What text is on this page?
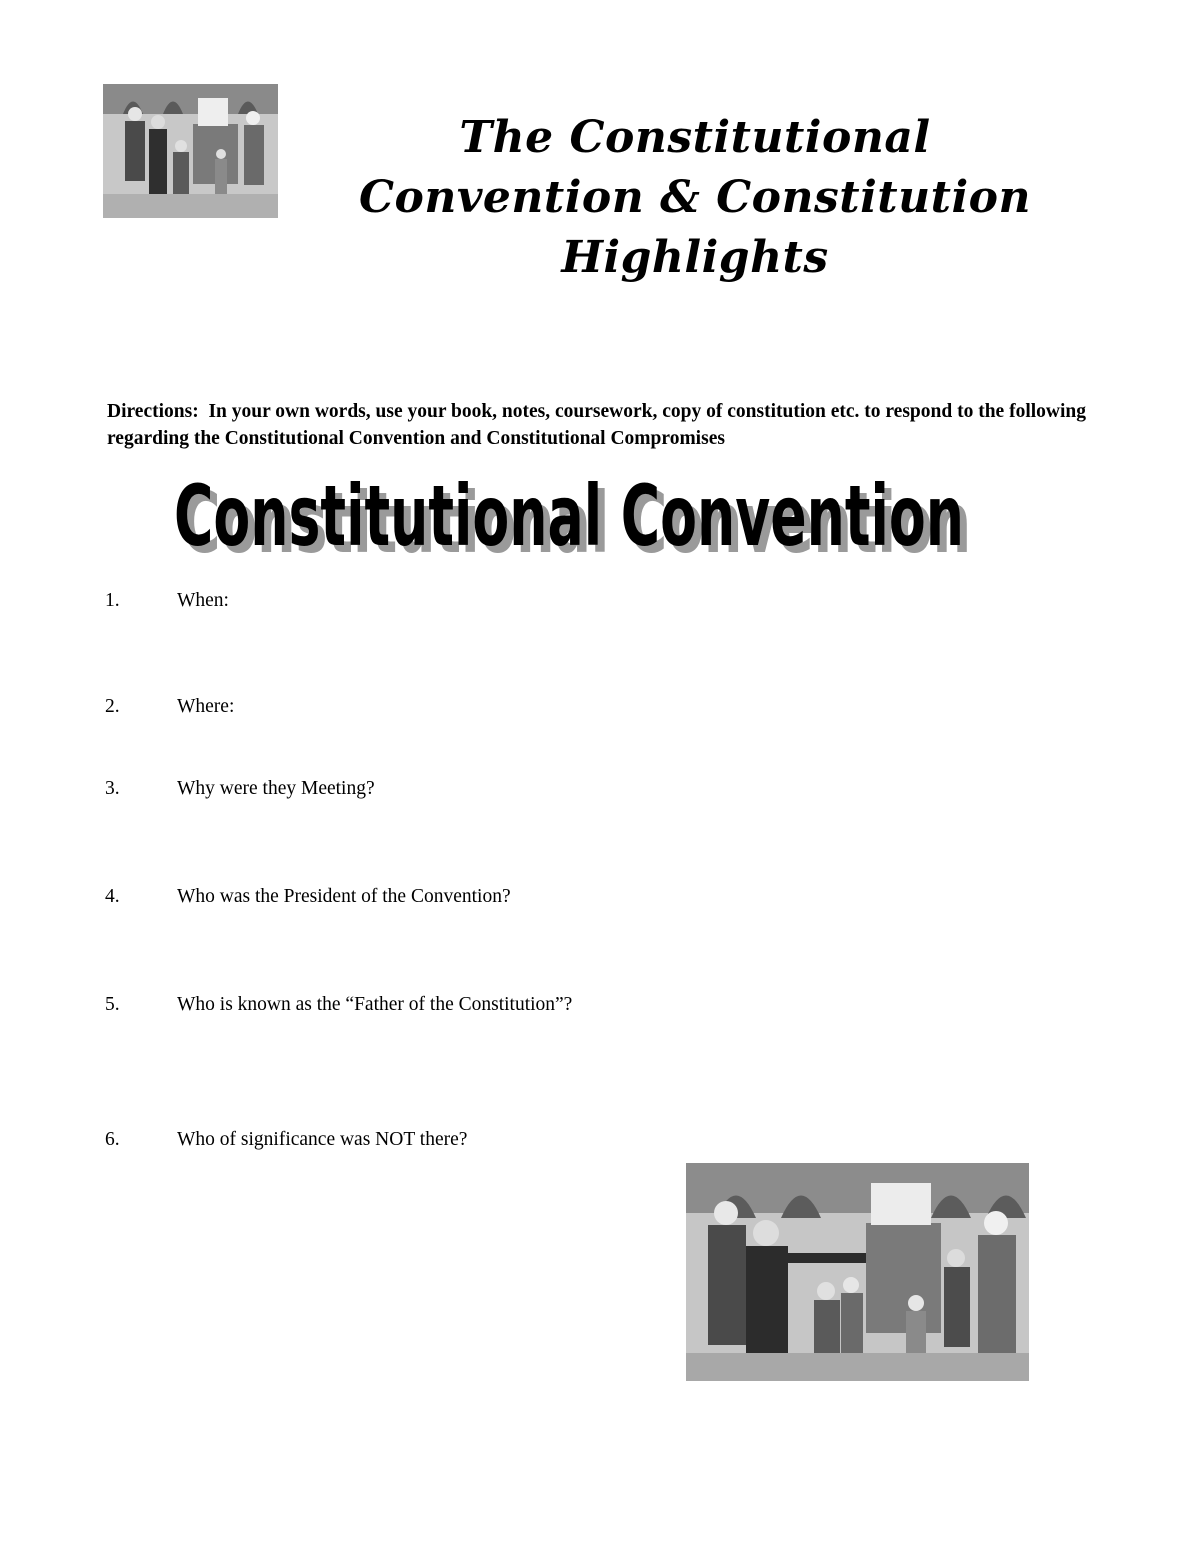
The Constitutional
Convention & Constitution
Highlights
Directions: In your own words, use your book, notes, coursework, copy of constitution etc. to respond to the following regarding the Constitutional Convention and Constitutional Compromises
Constitutional Convention
Constitutional Convention
1.	When:
2.	Where:
3.	Why were they Meeting?
4.	Who was the President of the Convention?
5.	Who is known as the “Father of the Constitution”?
6.	Who of significance was NOT there?
